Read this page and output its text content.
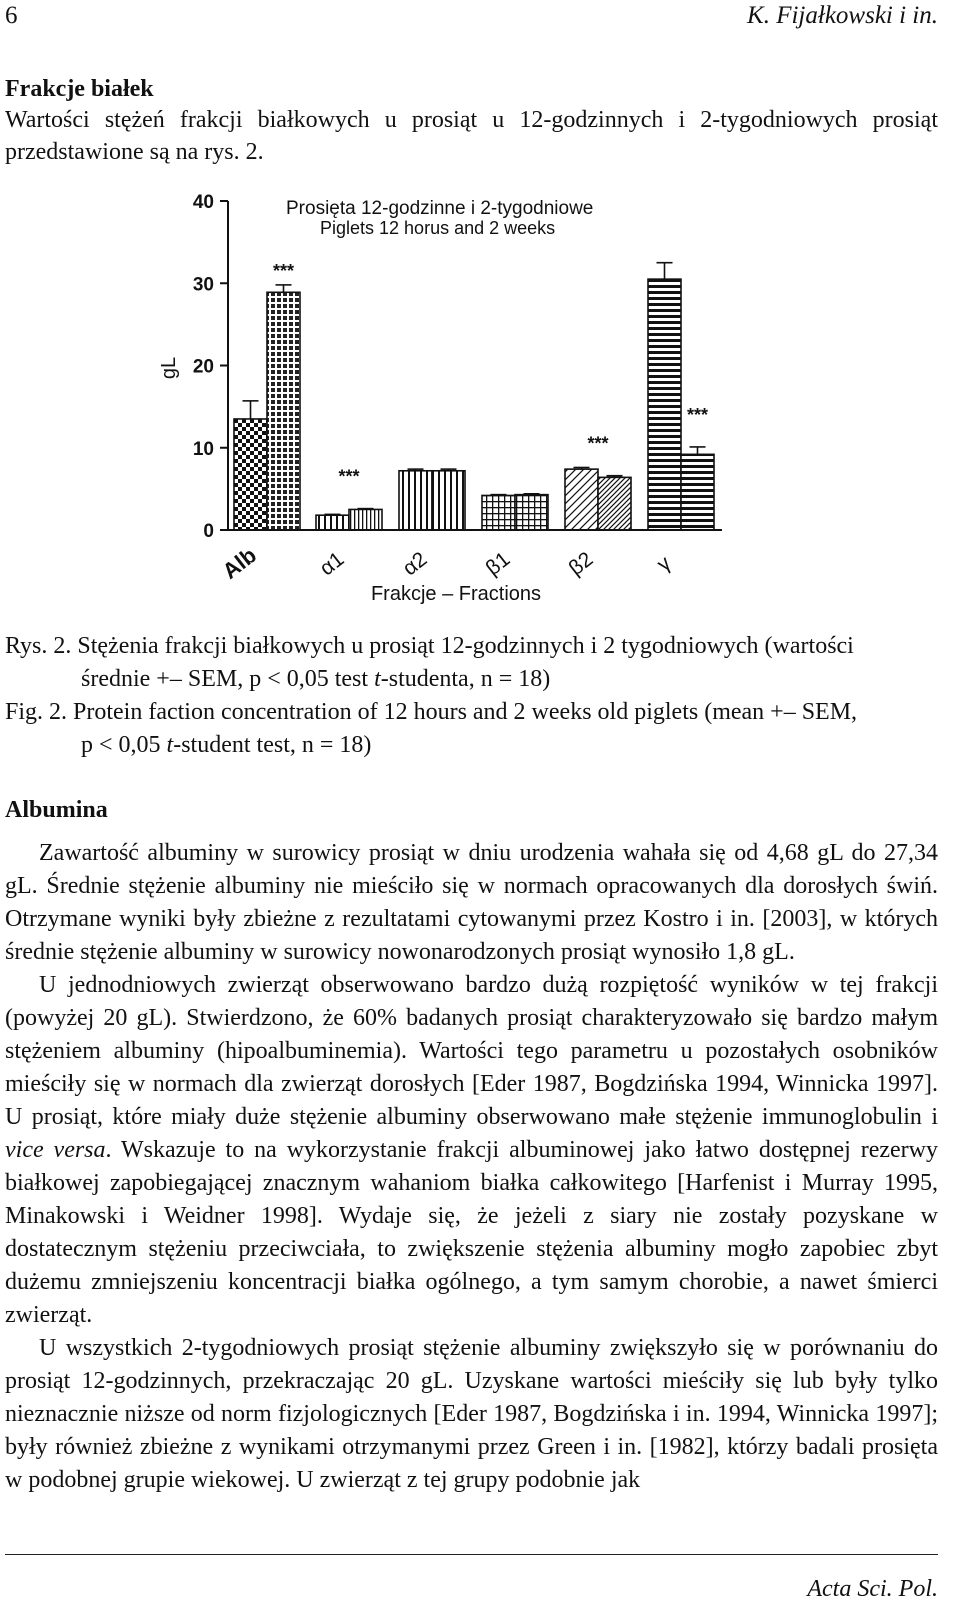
6	K. Fijałkowski i in.
Frakcje białek

Wartości stężeń frakcji białkowych u prosiąt u 12-godzinnych i 2-tygodniowych prosiąt przedstawione są na rys. 2.

Prosięta 12-godzinne i 2-tygodniowe
Piglets 12 horus and 2 weeks
gL
0
10
20
30
40
***
***
***
***
Alb	α1 α2 β1 β2	γ
Frakcje – Fractions
Rys. 2. Stężenia frakcji białkowych u prosiąt 12-godzinnych i 2 tygodniowych (wartości
średnie +– SEM, p < 0,05 test t-studenta, n = 18)
Fig. 2. Protein faction concentration of 12 hours and 2 weeks old piglets (mean +– SEM,
p < 0,05 t-student test, n = 18)
Albumina

Zawartość albuminy w surowicy prosiąt w dniu urodzenia wahała się od 4,68 gL do 27,34 gL. Średnie stężenie albuminy nie mieściło się w normach opracowanych dla dorosłych świń. Otrzymane wyniki były zbieżne z rezultatami cytowanymi przez Kostro i in. [2003], w których średnie stężenie albuminy w surowicy nowonarodzonych prosiąt wynosiło 1,8 gL.

U jednodniowych zwierząt obserwowano bardzo dużą rozpiętość wyników w tej frakcji (powyżej 20 gL). Stwierdzono, że 60% badanych prosiąt charakteryzowało się bardzo małym stężeniem albuminy (hipoalbuminemia). Wartości tego parametru u pozostałych osobników mieściły się w normach dla zwierząt dorosłych [Eder 1987, Bogdzińska 1994, Winnicka 1997]. U prosiąt, które miały duże stężenie albuminy obserwowano małe stężenie immunoglobulin i vice versa. Wskazuje to na wykorzystanie frakcji albuminowej jako łatwo dostępnej rezerwy białkowej zapobiegającej znacznym wahaniom białka całkowitego [Harfenist i Murray 1995, Minakowski i Weidner 1998]. Wydaje się, że jeżeli z siary nie zostały pozyskane w dostatecznym stężeniu przeciwciała, to zwiększenie stężenia albuminy mogło zapobiec zbyt dużemu zmniejszeniu koncentracji białka ogólnego, a tym samym chorobie, a nawet śmierci zwierząt.

U wszystkich 2-tygodniowych prosiąt stężenie albuminy zwiększyło się w porównaniu do prosiąt 12-godzinnych, przekraczając 20 gL. Uzyskane wartości mieściły się lub były tylko nieznacznie niższe od norm fizjologicznych [Eder 1987, Bogdzińska i in. 1994, Winnicka 1997]; były również zbieżne z wynikami otrzymanymi przez Green i in. [1982], którzy badali prosięta w podobnej grupie wiekowej. U zwierząt z tej grupy podobnie jak

Acta Sci. Pol.
